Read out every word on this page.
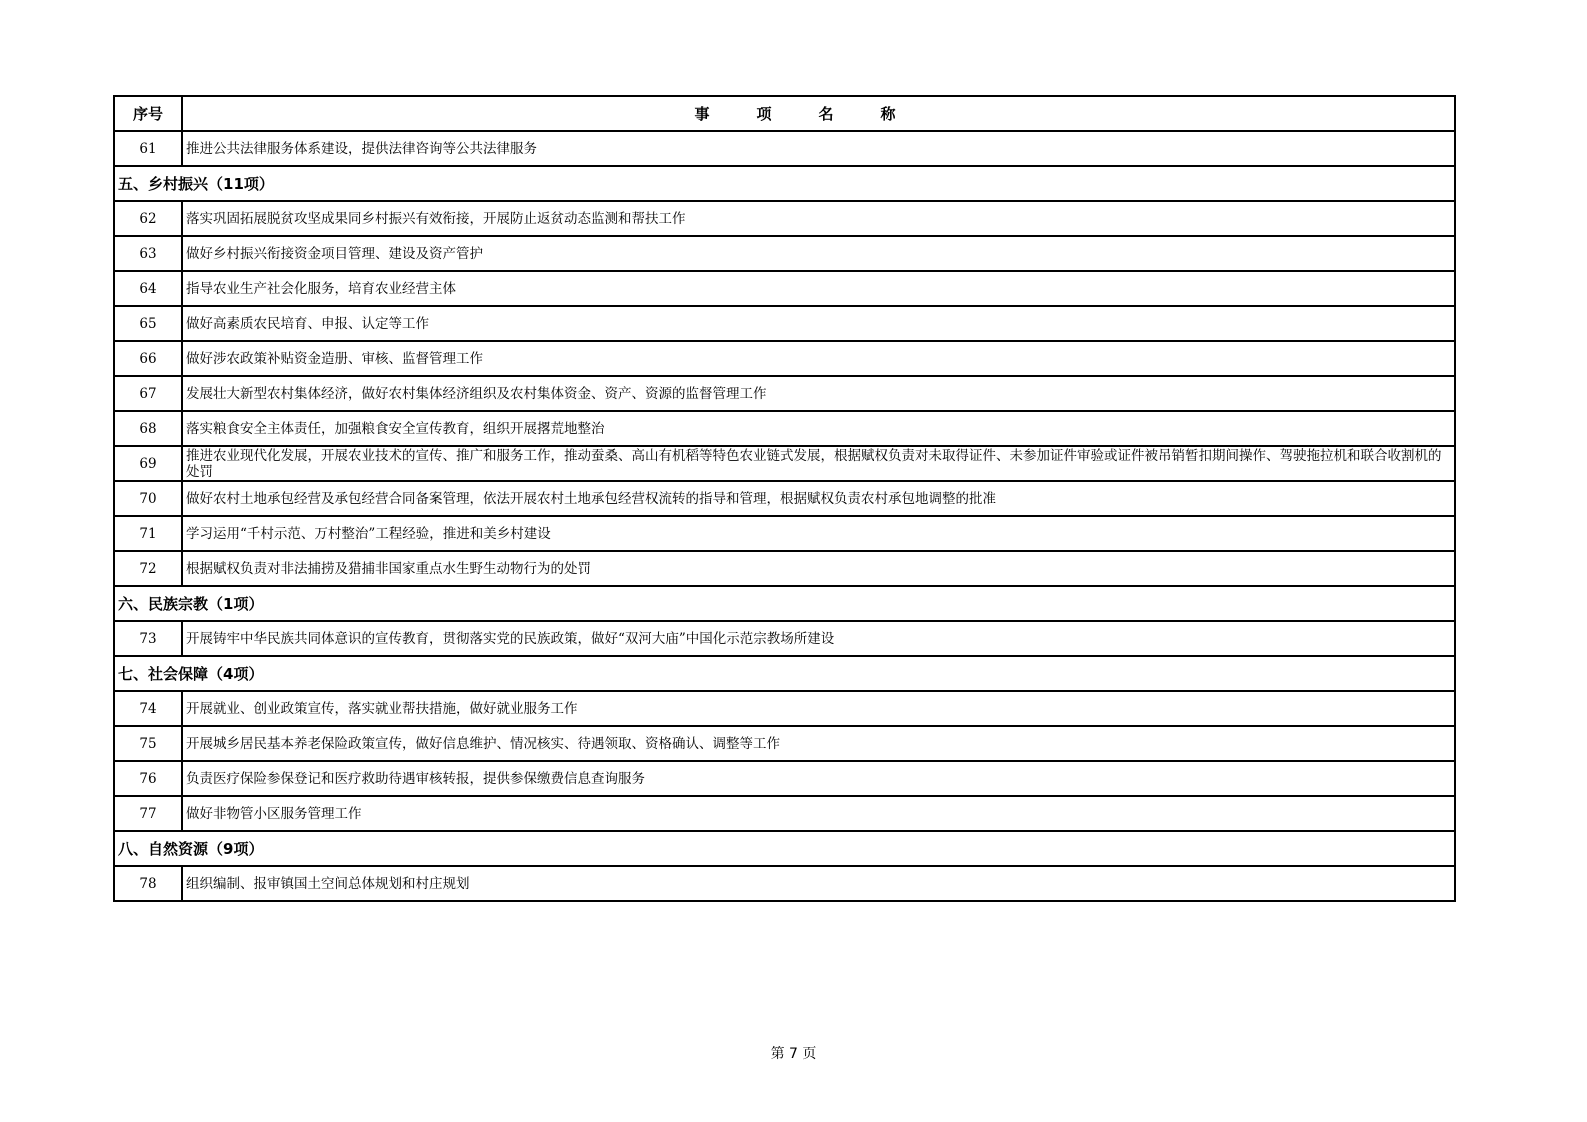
序号	事项名称
61	推进公共法律服务体系建设，提供法律咨询等公共法律服务
五、乡村振兴（11项）	
62	落实巩固拓展脱贫攻坚成果同乡村振兴有效衔接，开展防止返贫动态监测和帮扶工作
63	做好乡村振兴衔接资金项目管理、建设及资产管护
64	指导农业生产社会化服务，培育农业经营主体
65	做好高素质农民培育、申报、认定等工作
66	做好涉农政策补贴资金造册、审核、监督管理工作
67	发展壮大新型农村集体经济，做好农村集体经济组织及农村集体资金、资产、资源的监督管理工作
68	落实粮食安全主体责任，加强粮食安全宣传教育，组织开展撂荒地整治
69	推进农业现代化发展，开展农业技术的宣传、推广和服务工作，推动蚕桑、高山有机稻等特色农业链式发展，根据赋权负责对未取得证件、未参加证件审验或证件被吊销暂扣期间操作、驾驶拖拉机和联合收割机的处罚
70	做好农村土地承包经营及承包经营合同备案管理，依法开展农村土地承包经营权流转的指导和管理，根据赋权负责农村承包地调整的批准
71	学习运用“千村示范、万村整治”工程经验，推进和美乡村建设
72	根据赋权负责对非法捕捞及猎捕非国家重点水生野生动物行为的处罚
六、民族宗教（1项）	
73	开展铸牢中华民族共同体意识的宣传教育，贯彻落实党的民族政策，做好“双河大庙”中国化示范宗教场所建设
七、社会保障（4项）	
74	开展就业、创业政策宣传，落实就业帮扶措施，做好就业服务工作
75	开展城乡居民基本养老保险政策宣传，做好信息维护、情况核实、待遇领取、资格确认、调整等工作
76	负责医疗保险参保登记和医疗救助待遇审核转报，提供参保缴费信息查询服务
77	做好非物管小区服务管理工作
八、自然资源（9项）	
78	组织编制、报审镇国土空间总体规划和村庄规划
第 7 页
